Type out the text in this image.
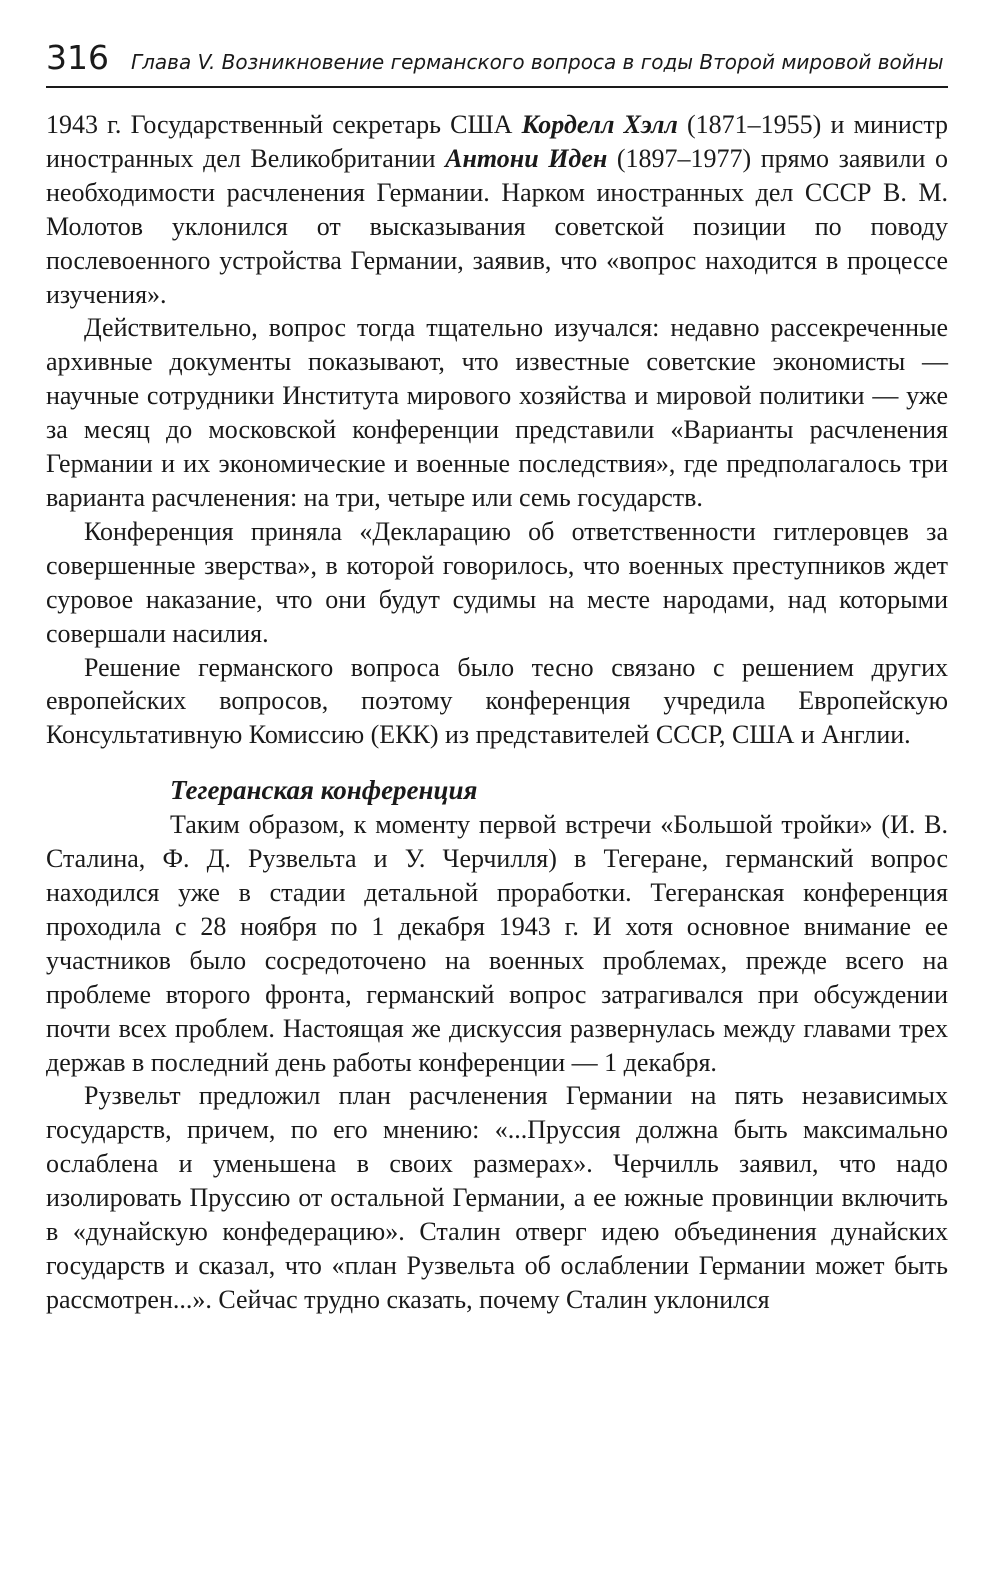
316 Глава V. Возникновение германского вопроса в годы Второй мировой войны

1943 г. Государственный секретарь США Корделл Хэлл (1871–1955) и министр иностранных дел Великобритании Антони Иден (1897–1977) прямо заявили о необходимости расчленения Германии. Нарком иностранных дел СССР В. М. Молотов уклонился от высказывания советской позиции по поводу послевоенного устройства Германии, заявив, что «вопрос находится в процессе изучения».

Действительно, вопрос тогда тщательно изучался: недавно рассекреченные архивные документы показывают, что известные советские экономисты — научные сотрудники Института мирового хозяйства и мировой политики — уже за месяц до московской конференции представили «Варианты расчленения Германии и их экономические и военные последствия», где предполагалось три варианта расчленения: на три, четыре или семь государств.

Конференция приняла «Декларацию об ответственности гитлеровцев за совершенные зверства», в которой говорилось, что военных преступников ждет суровое наказание, что они будут судимы на месте народами, над которыми совершали насилия.

Решение германского вопроса было тесно связано с решением других европейских вопросов, поэтому конференция учредила Европейскую Консультативную Комиссию (ЕКК) из представителей СССР, США и Англии.

Тегеранская конференция

Таким образом, к моменту первой встречи «Большой тройки» (И. В. Сталина, Ф. Д. Рузвельта и У. Черчилля) в Тегеране, германский вопрос находился уже в стадии детальной проработки. Тегеранская конференция проходила с 28 ноября по 1 декабря 1943 г. И хотя основное внимание ее участников было сосредоточено на военных проблемах, прежде всего на проблеме второго фронта, германский вопрос затрагивался при обсуждении почти всех проблем. Настоящая же дискуссия развернулась между главами трех держав в последний день работы конференции — 1 декабря.

Рузвельт предложил план расчленения Германии на пять независимых государств, причем, по его мнению: «...Пруссия должна быть максимально ослаблена и уменьшена в своих размерах». Черчилль заявил, что надо изолировать Пруссию от остальной Германии, а ее южные провинции включить в «дунайскую конфедерацию». Сталин отверг идею объединения дунайских государств и сказал, что «план Рузвельта об ослаблении Германии может быть рассмотрен...». Сейчас трудно сказать, почему Сталин уклонился
